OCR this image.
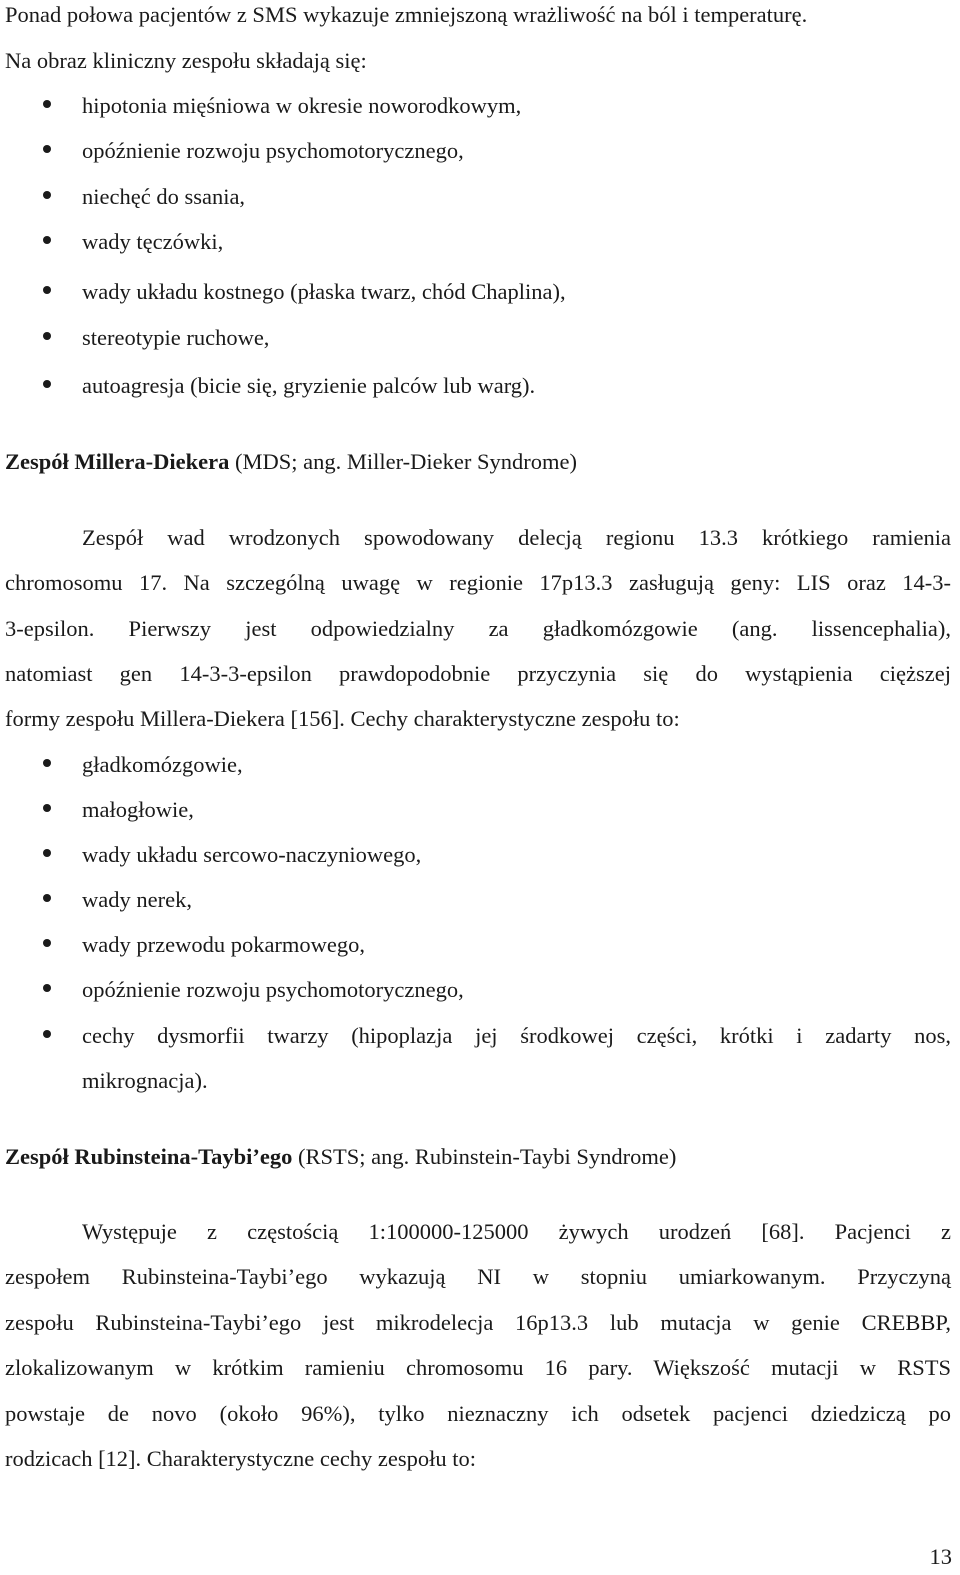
Ponad połowa pacjentów z SMS wykazuje zmniejszoną wrażliwość na ból i temperaturę.
Na obraz kliniczny zespołu składają się:
hipotonia mięśniowa w okresie noworodkowym,
opóźnienie rozwoju psychomotorycznego,
niechęć do ssania,
wady tęczówki,
wady układu kostnego (płaska twarz, chód Chaplina),
stereotypie ruchowe,
autoagresja (bicie się, gryzienie palców lub warg).
Zespół Millera-Diekera (MDS; ang. Miller-Dieker Syndrome)
Zespół wad wrodzonych spowodowany delecją regionu 13.3 krótkiego ramienia
chromosomu 17. Na szczególną uwagę w regionie 17p13.3 zasługują geny: LIS oraz 14-3-
3-epsilon. Pierwszy jest odpowiedzialny za gładkomózgowie (ang. lissencephalia),
natomiast gen 14-3-3-epsilon prawdopodobnie przyczynia się do wystąpienia cięższej
formy zespołu Millera-Diekera [156]. Cechy charakterystyczne zespołu to:
gładkomózgowie,
małogłowie,
wady układu sercowo-naczyniowego,
wady nerek,
wady przewodu pokarmowego,
opóźnienie rozwoju psychomotorycznego,
cechy dysmorfii twarzy (hipoplazja jej środkowej części, krótki i zadarty nos,
mikrognacja).
Zespół Rubinsteina-Taybi’ego (RSTS; ang. Rubinstein-Taybi Syndrome)
Występuje z częstością 1:100000-125000 żywych urodzeń [68]. Pacjenci z
zespołem Rubinsteina-Taybi’ego wykazują NI w stopniu umiarkowanym. Przyczyną
zespołu Rubinsteina-Taybi’ego jest mikrodelecja 16p13.3 lub mutacja w genie CREBBP,
zlokalizowanym w krótkim ramieniu chromosomu 16 pary. Większość mutacji w RSTS
powstaje de novo (około 96%), tylko nieznaczny ich odsetek pacjenci dziedziczą po
rodzicach [12]. Charakterystyczne cechy zespołu to:
13
